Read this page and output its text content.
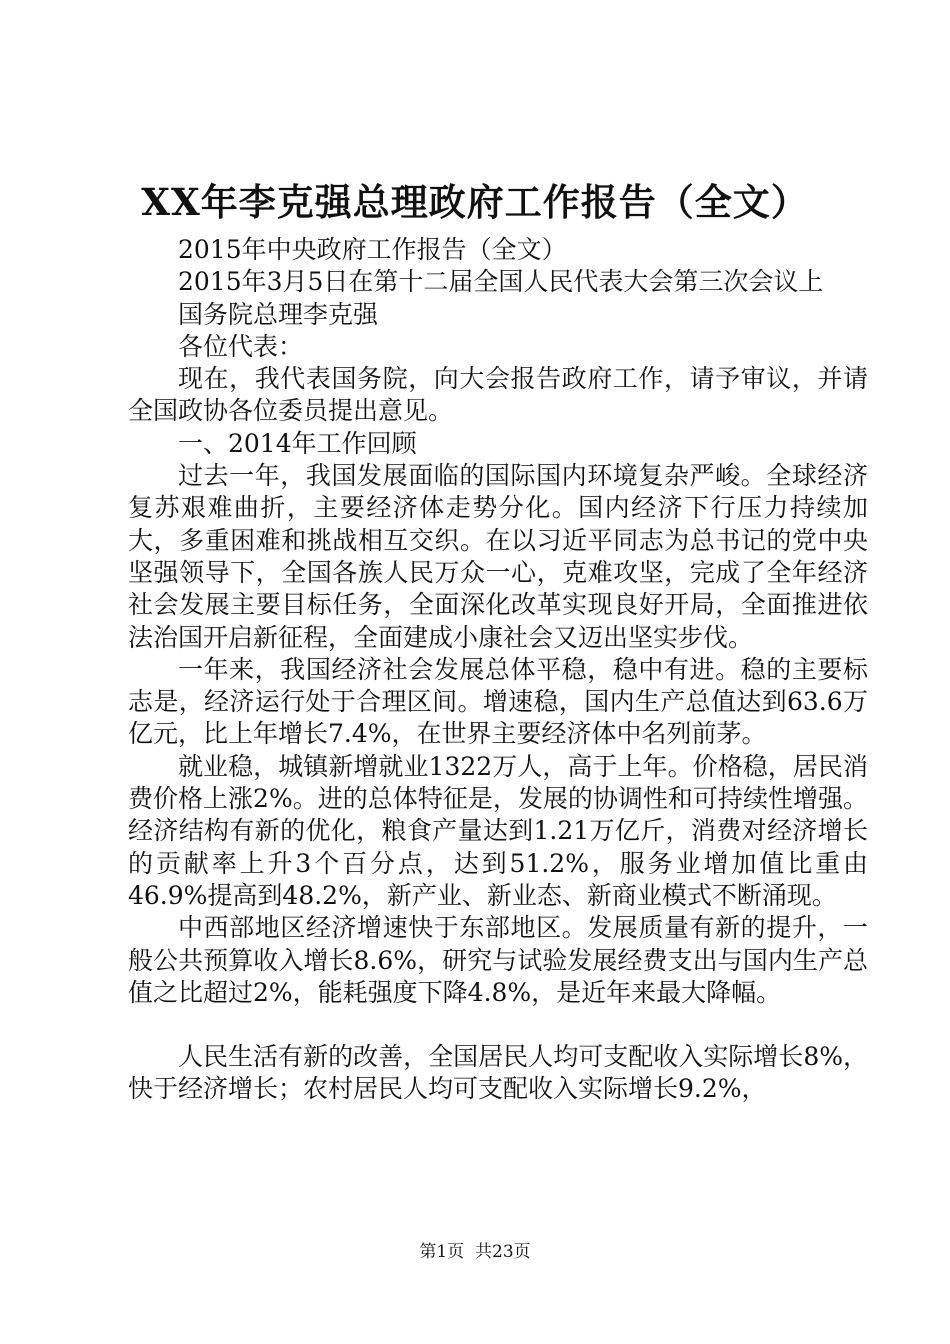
XX年李克强总理政府工作报告（全文）

2015年中央政府工作报告（全文）

2015年3月5日在第十二届全国人民代表大会第三次会议上

国务院总理李克强

各位代表：

现在，我代表国务院，向大会报告政府工作，请予审议，并请全国政协各位委员提出意见。

一、2014年工作回顾

过去一年，我国发展面临的国际国内环境复杂严峻。全球经济复苏艰难曲折，主要经济体走势分化。国内经济下行压力持续加大，多重困难和挑战相互交织。在以习近平同志为总书记的党中央坚强领导下，全国各族人民万众一心，克难攻坚，完成了全年经济社会发展主要目标任务，全面深化改革实现良好开局，全面推进依法治国开启新征程，全面建成小康社会又迈出坚实步伐。

一年来，我国经济社会发展总体平稳，稳中有进。稳的主要标志是，经济运行处于合理区间。增速稳，国内生产总值达到63.6万亿元，比上年增长7.4%，在世界主要经济体中名列前茅。

就业稳，城镇新增就业1322万人，高于上年。价格稳，居民消费价格上涨2%。进的总体特征是，发展的协调性和可持续性增强。经济结构有新的优化，粮食产量达到1.21万亿斤，消费对经济增长的贡献率上升3个百分点，达到51.2%，服务业增加值比重由46.9%提高到48.2%，新产业、新业态、新商业模式不断涌现。

中西部地区经济增速快于东部地区。发展质量有新的提升，一般公共预算收入增长8.6%，研究与试验发展经费支出与国内生产总值之比超过2%，能耗强度下降4.8%，是近年来最大降幅。

人民生活有新的改善，全国居民人均可支配收入实际增长8%，快于经济增长；农村居民人均可支配收入实际增长9.2%，

第1页 共23页
